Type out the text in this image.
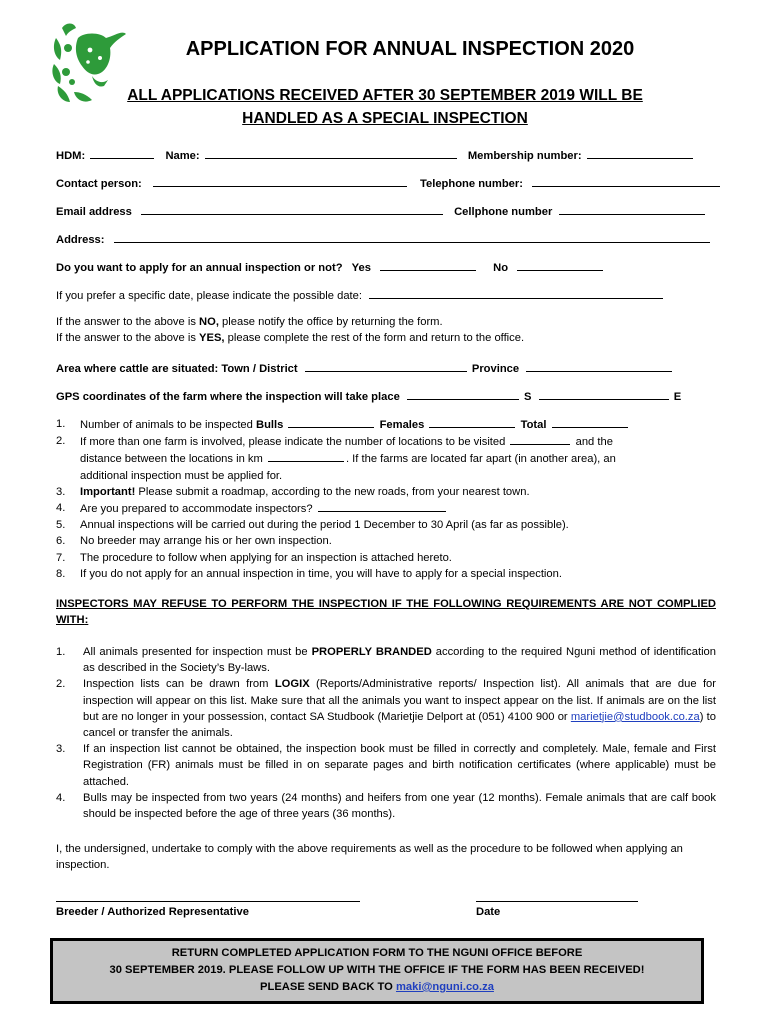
APPLICATION FOR ANNUAL INSPECTION 2020
ALL APPLICATIONS RECEIVED AFTER 30 SEPTEMBER 2019 WILL BE
HANDLED AS A SPECIAL INSPECTION
HDM:	Name:	Membership number:
Contact person:	Telephone number:
Email address	Cellphone number
Address:
Do you want to apply for an annual inspection or not? Yes	No
If you prefer a specific date, please indicate the possible date:
If the answer to the above is NO, please notify the office by returning the form.
If the answer to the above is YES, please complete the rest of the form and return to the office.
Area where cattle are situated: Town / District	Province
GPS coordinates of the farm where the inspection will take place	S	E
1.	Number of animals to be inspected Bulls	Females	Total
2.	If more than one farm is involved, please indicate the number of locations to be visited	and the
distance between the locations in km	. If the farms are located far apart (in another area), an
additional inspection must be applied for.
3.	Important! Please submit a roadmap, according to the new roads, from your nearest town.
4.	Are you prepared to accommodate inspectors?
5.	Annual inspections will be carried out during the period 1 December to 30 April (as far as possible).
6.	No breeder may arrange his or her own inspection.
7.	The procedure to follow when applying for an inspection is attached hereto.
8.	If you do not apply for an annual inspection in time, you will have to apply for a special inspection.
INSPECTORS MAY REFUSE TO PERFORM THE INSPECTION IF THE FOLLOWING REQUIREMENTS ARE NOT COMPLIED WITH:
1.	All animals presented for inspection must be PROPERLY BRANDED according to the required Nguni method of identification as described in the Society’s By-laws.
2.	Inspection lists can be drawn from LOGIX (Reports/Administrative reports/ Inspection list). All animals that are due for inspection will appear on this list. Make sure that all the animals you want to inspect appear on the list. If animals are on the list but are no longer in your possession, contact SA Studbook (Marietjie Delport at (051) 4100 900 or marietjie@studbook.co.za) to cancel or transfer the animals.
3.	If an inspection list cannot be obtained, the inspection book must be filled in correctly and completely. Male, female and First Registration (FR) animals must be filled in on separate pages and birth notification certificates (where applicable) must be attached.
4.	Bulls may be inspected from two years (24 months) and heifers from one year (12 months). Female animals that are calf book should be inspected before the age of three years (36 months).
I, the undersigned, undertake to comply with the above requirements as well as the procedure to be followed when applying an inspection.
Breeder / Authorized Representative	Date
RETURN COMPLETED APPLICATION FORM TO THE NGUNI OFFICE BEFORE
30 SEPTEMBER 2019. PLEASE FOLLOW UP WITH THE OFFICE IF THE FORM HAS BEEN RECEIVED!
PLEASE SEND BACK TO maki@nguni.co.za
